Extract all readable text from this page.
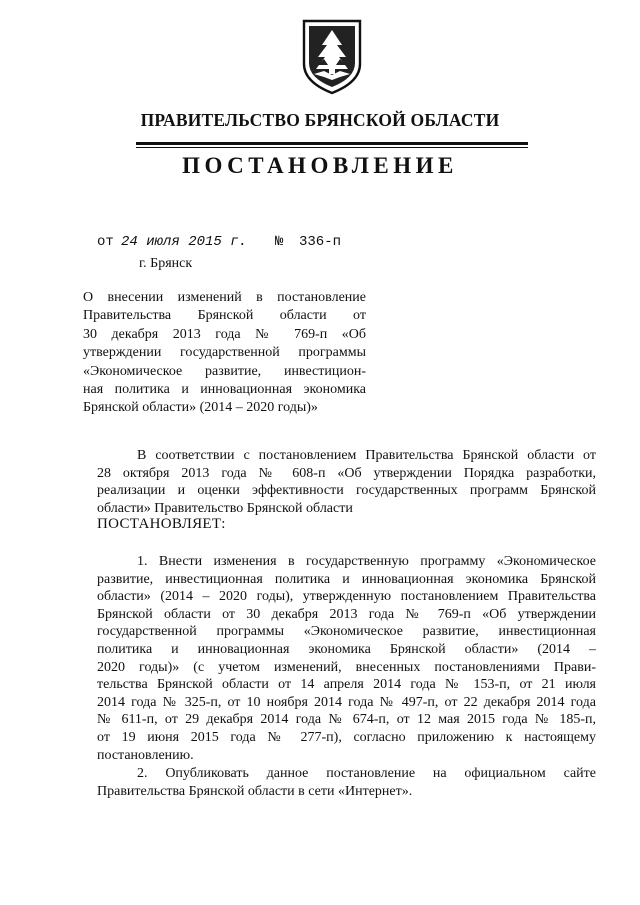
ПРАВИТЕЛЬСТВО БРЯНСКОЙ ОБЛАСТИ
ПОСТАНОВЛЕНИЕ
от 24 июля 2015 г. № 336-п
г. Брянск
О внесении изменений в постановление
Правительства Брянской области от
30 декабря 2013 года № 769-п «Об
утверждении государственной программы
«Экономическое развитие, инвестицион-
ная политика и инновационная экономика
Брянской области» (2014 – 2020 годы)»
В соответствии с постановлением Правительства Брянской области от
28 октября 2013 года № 608-п «Об утверждении Порядка разработки,
реализации и оценки эффективности государственных программ Брянской
области» Правительство Брянской области
ПОСТАНОВЛЯЕТ:
1. Внести изменения в государственную программу «Экономическое
развитие, инвестиционная политика и инновационная экономика Брянской
области» (2014 – 2020 годы), утвержденную постановлением Правительства
Брянской области от 30 декабря 2013 года № 769-п «Об утверждении
государственной программы «Экономическое развитие, инвестиционная
политика и инновационная экономика Брянской области» (2014 –
2020 годы)» (с учетом изменений, внесенных постановлениями Прави-
тельства Брянской области от 14 апреля 2014 года № 153-п, от 21 июля
2014 года № 325-п, от 10 ноября 2014 года № 497-п, от 22 декабря 2014 года
№ 611-п, от 29 декабря 2014 года № 674-п, от 12 мая 2015 года № 185-п,
от 19 июня 2015 года № 277-п), согласно приложению к настоящему
постановлению.
2. Опубликовать данное постановление на официальном сайте
Правительства Брянской области в сети «Интернет».
